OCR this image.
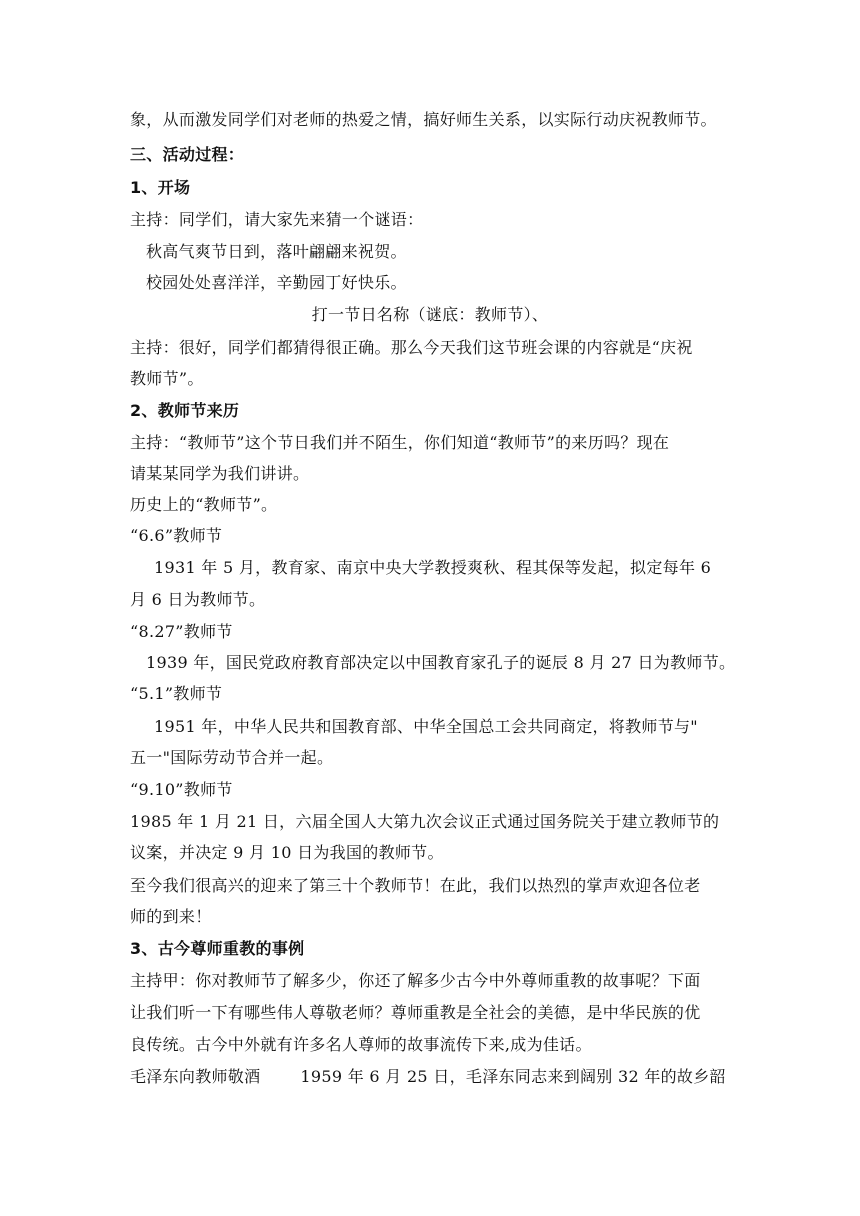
象，从而激发同学们对老师的热爱之情，搞好师生关系，以实际行动庆祝教师节。
三、活动过程：
1、开场
主持：同学们，请大家先来猜一个谜语：
秋高气爽节日到，落叶翩翩来祝贺。
校园处处喜洋洋，辛勤园丁好快乐。
打一节日名称（谜底：教师节）、
主持：很好，同学们都猜得很正确。那么今天我们这节班会课的内容就是“庆祝
教师节”。
2、教师节来历
主持：“教师节”这个节日我们并不陌生，你们知道“教师节”的来历吗？现在
请某某同学为我们讲讲。
历史上的“教师节”。
“6.6”教师节
1931 年 5 月，教育家、南京中央大学教授爽秋、程其保等发起，拟定每年 6
月 6 日为教师节。
“8.27”教师节
1939 年，国民党政府教育部决定以中国教育家孔子的诞辰 8 月 27 日为教师节。
“5.1”教师节
1951 年，中华人民共和国教育部、中华全国总工会共同商定，将教师节与"
五一"国际劳动节合并一起。
“9.10”教师节
1985 年 1 月 21 日，六届全国人大第九次会议正式通过国务院关于建立教师节的
议案，并决定 9 月 10 日为我国的教师节。
至今我们很高兴的迎来了第三十个教师节！在此，我们以热烈的掌声欢迎各位老
师的到来！
3、古今尊师重教的事例
主持甲：你对教师节了解多少，你还了解多少古今中外尊师重教的故事呢？下面
让我们听一下有哪些伟人尊敬老师？尊师重教是全社会的美德，是中华民族的优
良传统。古今中外就有许多名人尊师的故事流传下来,成为佳话。
毛泽东向教师敬酒	1959 年 6 月 25 日，毛泽东同志来到阔别 32 年的故乡韶
